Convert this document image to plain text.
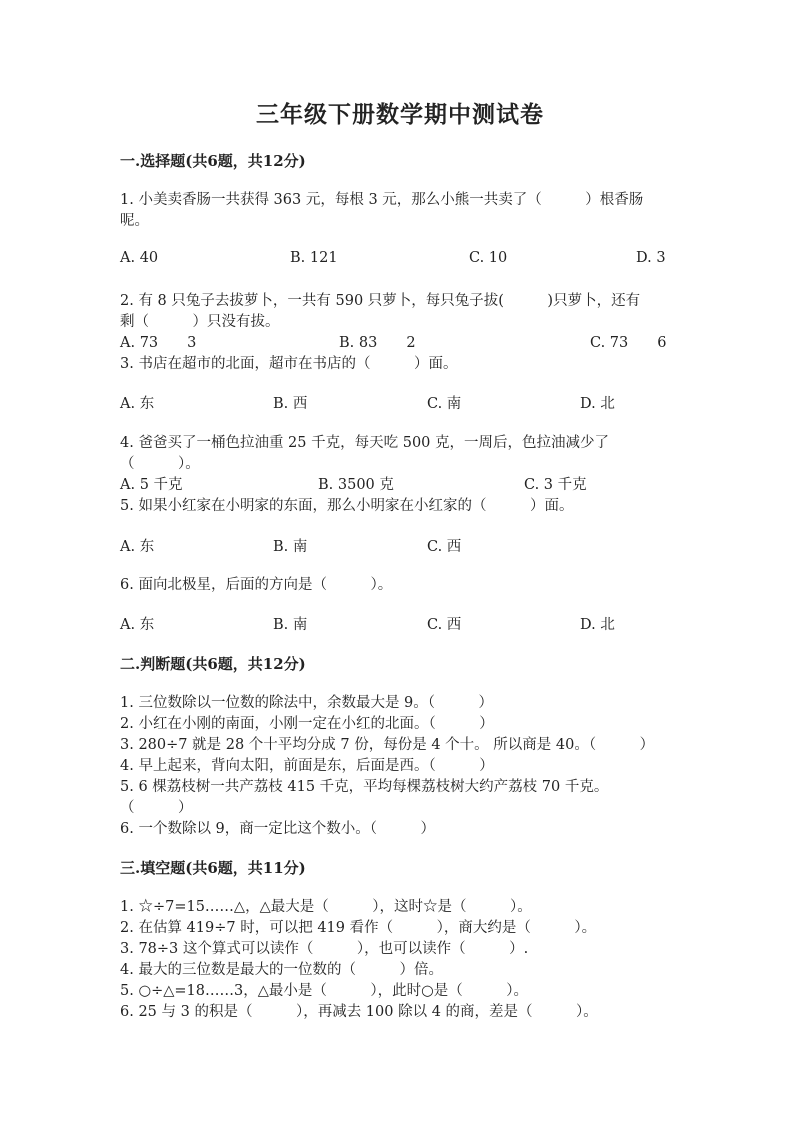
三年级下册数学期中测试卷
一.选择题(共6题，共12分)
1. 小美卖香肠一共获得 363 元，每根 3 元，那么小熊一共卖了（　　　）根香肠
呢。
A. 40	B. 121	C. 10	D. 3
2. 有 8 只兔子去拔萝卜，一共有 590 只萝卜，每只兔子拔(　　　)只萝卜，还有
剩（　　　）只没有拔。
A. 73　　3	B. 83　　2	C. 73　　6
3. 书店在超市的北面，超市在书店的（　　　）面。
A. 东	B. 西	C. 南	D. 北
4. 爸爸买了一桶色拉油重 25 千克，每天吃 500 克，一周后，色拉油减少了
（　　　）。
A. 5 千克	B. 3500 克	C. 3 千克
5. 如果小红家在小明家的东面，那么小明家在小红家的（　　　）面。
A. 东	B. 南	C. 西
6. 面向北极星，后面的方向是（　　　）。
A. 东	B. 南	C. 西	D. 北
二.判断题(共6题，共12分)
1. 三位数除以一位数的除法中，余数最大是 9。（　　　）
2. 小红在小刚的南面，小刚一定在小红的北面。（　　　）
3. 280÷7 就是 28 个十平均分成 7 份，每份是 4 个十。 所以商是 40。（　　　）
4. 早上起来，背向太阳，前面是东，后面是西。（　　　）
5. 6 棵荔枝树一共产荔枝 415 千克，平均每棵荔枝树大约产荔枝 70 千克。
（　　　）
6. 一个数除以 9，商一定比这个数小。（　　　）
三.填空题(共6题，共11分)
1. ☆÷7=15……△，△最大是（　　　），这时☆是（　　　）。
2. 在估算 419÷7 时，可以把 419 看作（　　　），商大约是（　　　）。
3. 78÷3 这个算式可以读作（　　　），也可以读作（　　　）.
4. 最大的三位数是最大的一位数的（　　　）倍。
5. ○÷△=18……3，△最小是（　　　），此时○是（　　　）。
6. 25 与 3 的积是（　　　），再减去 100 除以 4 的商，差是（　　　）。
